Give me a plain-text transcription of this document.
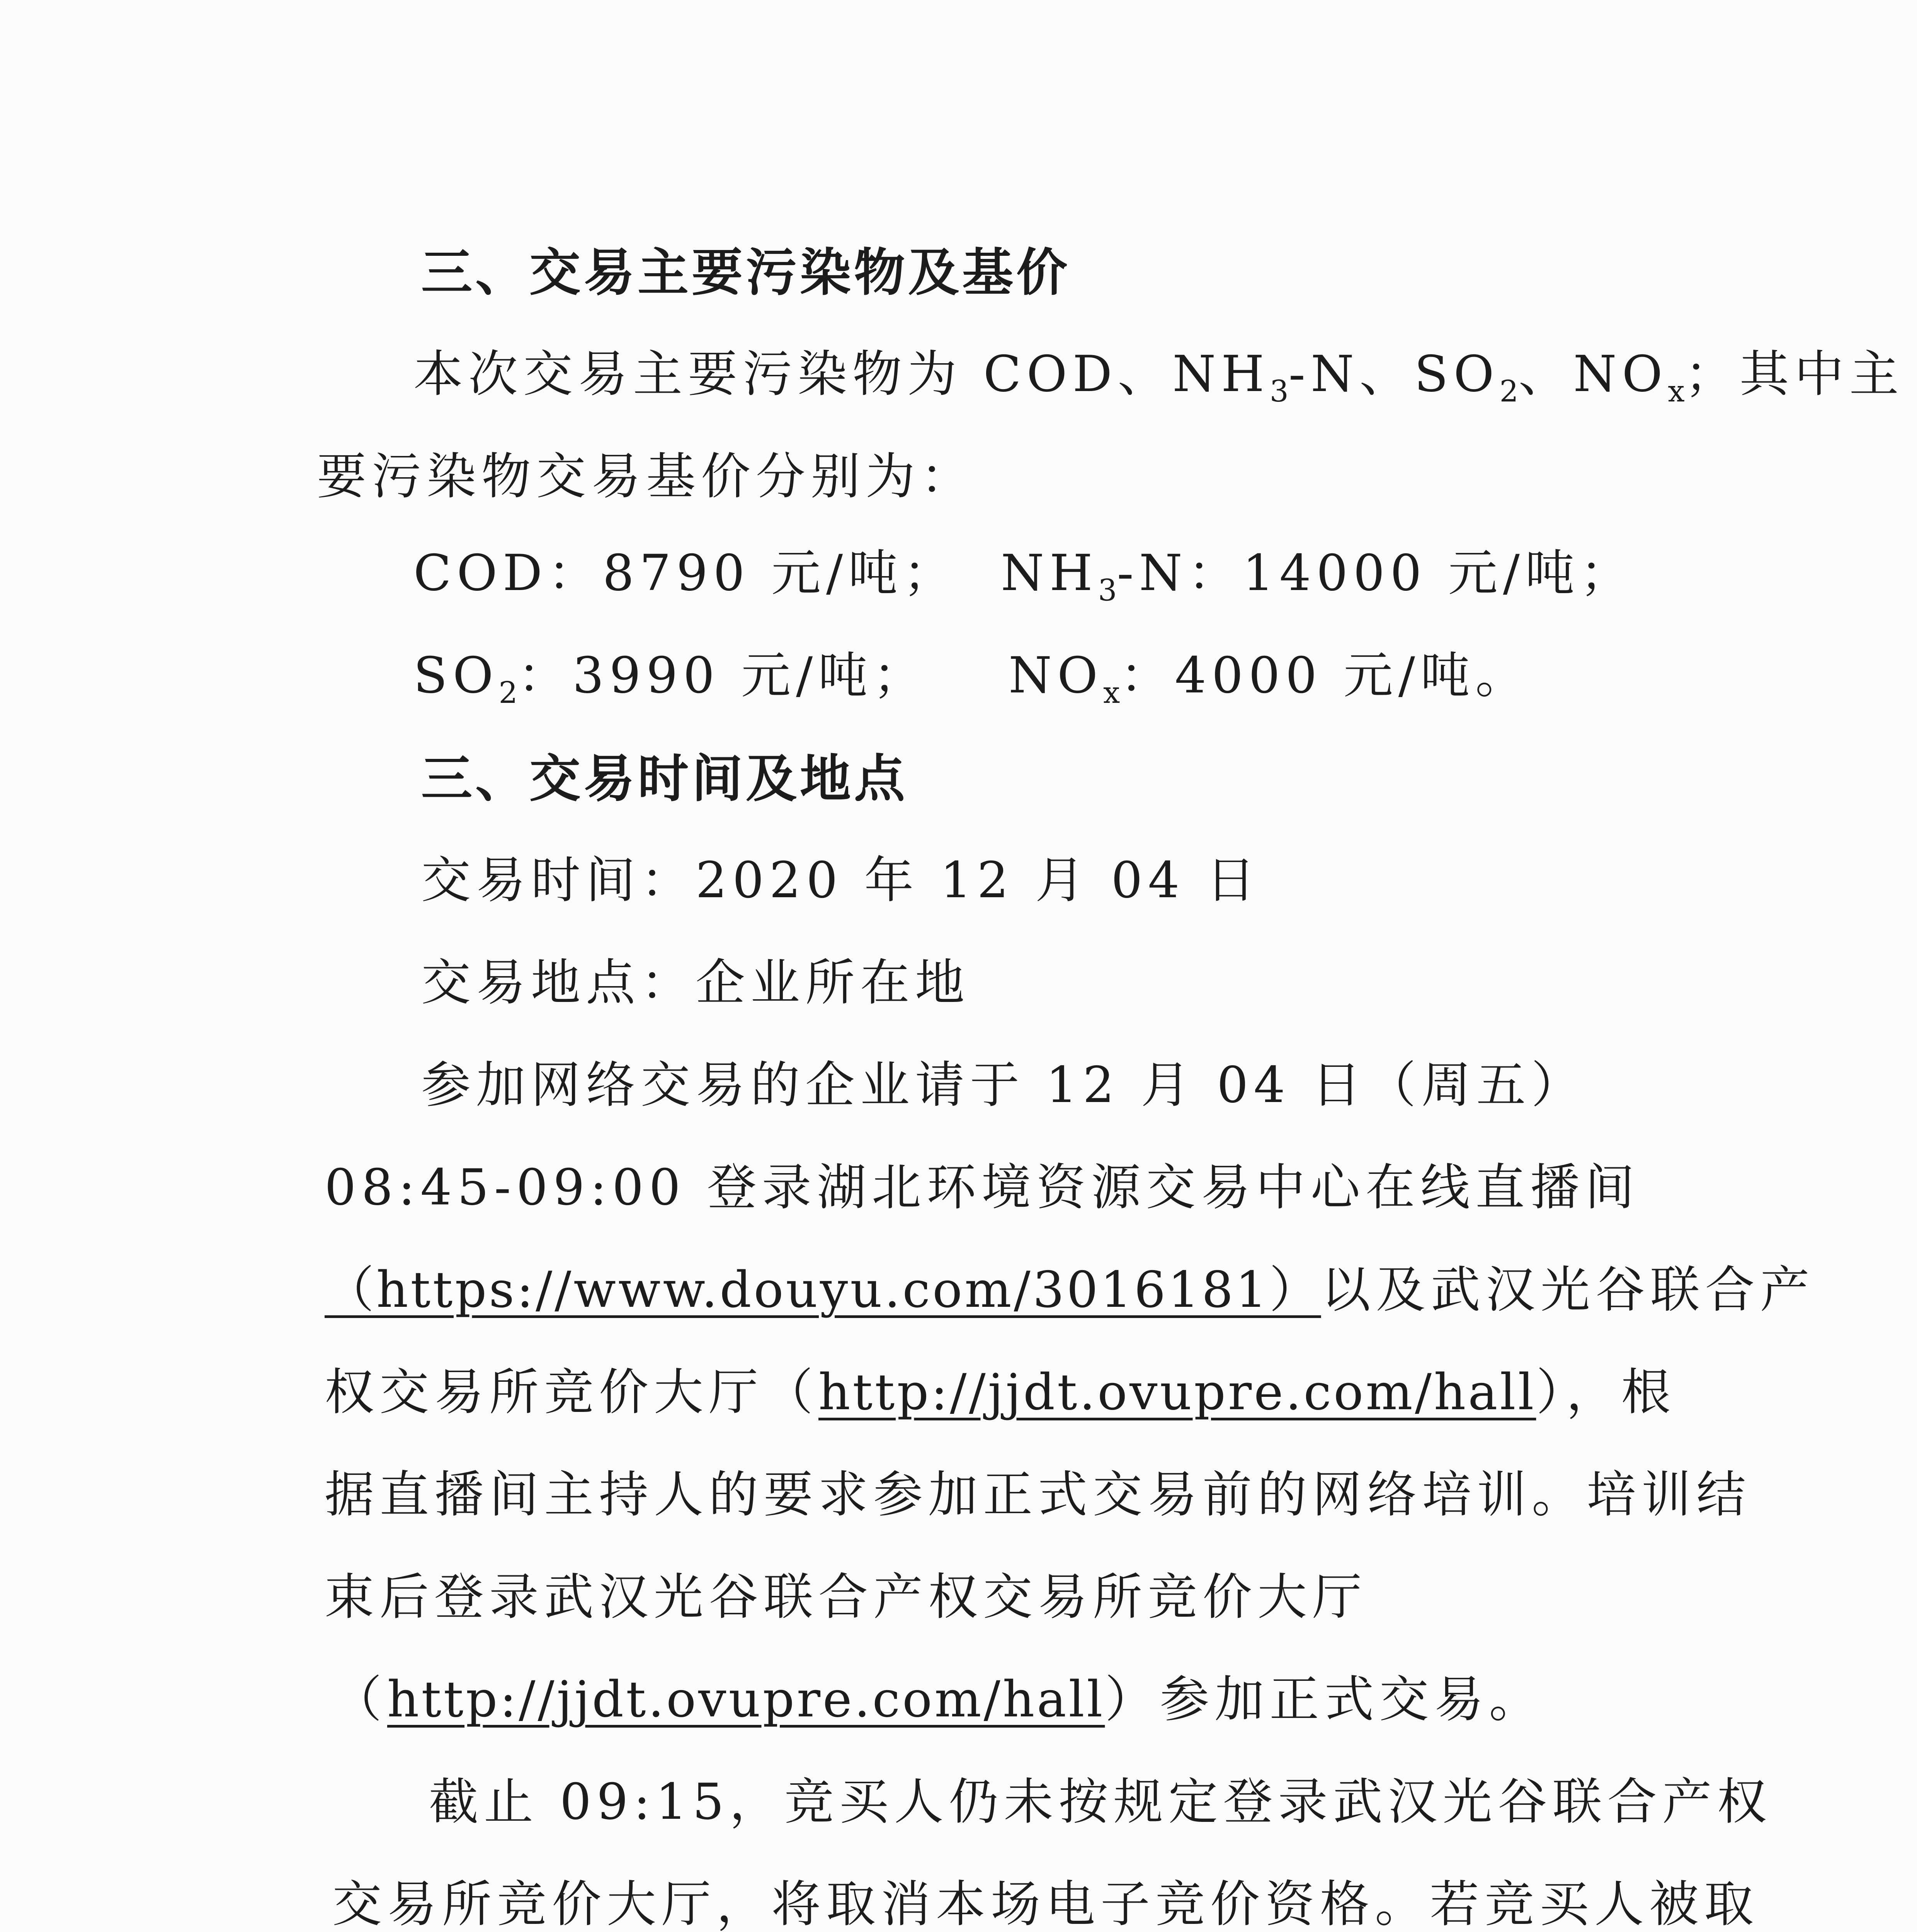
三、交易主要污染物及基价
本次交易主要污染物为 COD、$NH_3-N$、$SO_2$、$NO_x$；其中主
要污染物交易基价分别为：
COD：8790 元/吨； $NH_3-N$：14000 元/吨；
$SO_2$：3990 元/吨； $NO_x$：4000 元/吨。
三、交易时间及地点
交易时间：2020 年 12 月 04 日
交易地点：企业所在地
参加网络交易的企业请于 12 月 04 日（周五）
08:45-09:00 登录湖北环境资源交易中心在线直播间
（https://www.douyu.com/3016181）以及武汉光谷联合产
权交易所竞价大厅（http://jjdt.ovupre.com/hall），根
据直播间主持人的要求参加正式交易前的网络培训。培训结
束后登录武汉光谷联合产权交易所竞价大厅
（http://jjdt.ovupre.com/hall）参加正式交易。
截止 09:15，竞买人仍未按规定登录武汉光谷联合产权
交易所竞价大厅，将取消本场电子竞价资格。若竞买人被取
